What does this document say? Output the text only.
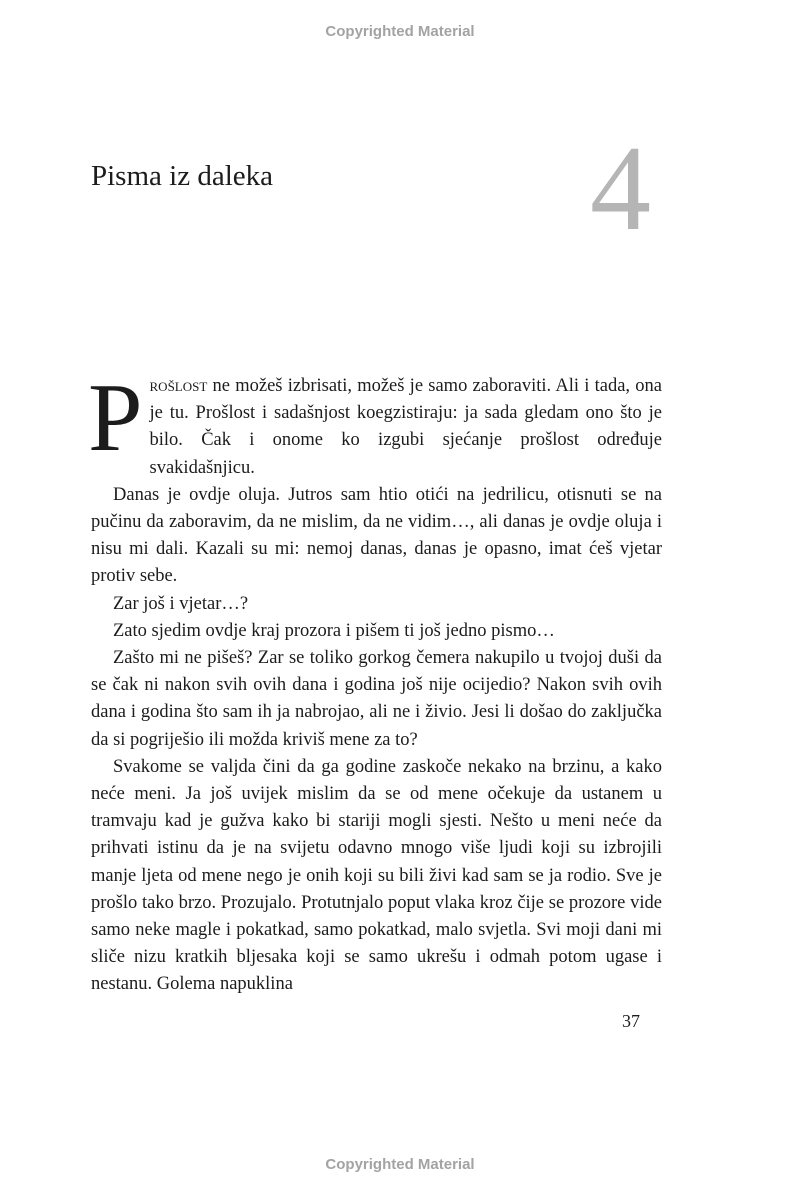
Copyrighted Material
Pisma iz daleka	4

Prošlost ne možeš izbrisati, možeš je samo zaboraviti. Ali i tada, ona je tu. Prošlost i sadašnjost koegzistiraju: ja sada gledam ono što je bilo. Čak i onome ko izgubi sjećanje prošlost određuje svakidašnjicu.

Danas je ovdje oluja. Jutros sam htio otići na jedrilicu, otisnuti se na pučinu da zaboravim, da ne mislim, da ne vidim…, ali danas je ovdje oluja i nisu mi dali. Kazali su mi: nemoj danas, danas je opasno, imat ćeš vjetar protiv sebe.

Zar još i vjetar…?

Zato sjedim ovdje kraj prozora i pišem ti još jedno pismo…

Zašto mi ne pišeš? Zar se toliko gorkog čemera nakupilo u tvojoj duši da se čak ni nakon svih ovih dana i godina još nije ocijedio? Nakon svih ovih dana i godina što sam ih ja nabrojao, ali ne i živio. Jesi li došao do zaključka da si pogriješio ili možda kriviš mene za to?

Svakome se valjda čini da ga godine zaskoče nekako na brzinu, a kako neće meni. Ja još uvijek mislim da se od mene očekuje da ustanem u tramvaju kad je gužva kako bi stariji mogli sjesti. Nešto u meni neće da prihvati istinu da je na svijetu odavno mnogo više ljudi koji su izbrojili manje ljeta od mene nego je onih koji su bili živi kad sam se ja rodio. Sve je prošlo tako brzo. Prozujalo. Protutnjalo poput vlaka kroz čije se prozore vide samo neke magle i pokatkad, samo pokatkad, malo svjetla. Svi moji dani mi sliče nizu kratkih bljesaka koji se samo ukrešu i odmah potom ugase i nestanu. Golema napuklina

37
Copyrighted Material
